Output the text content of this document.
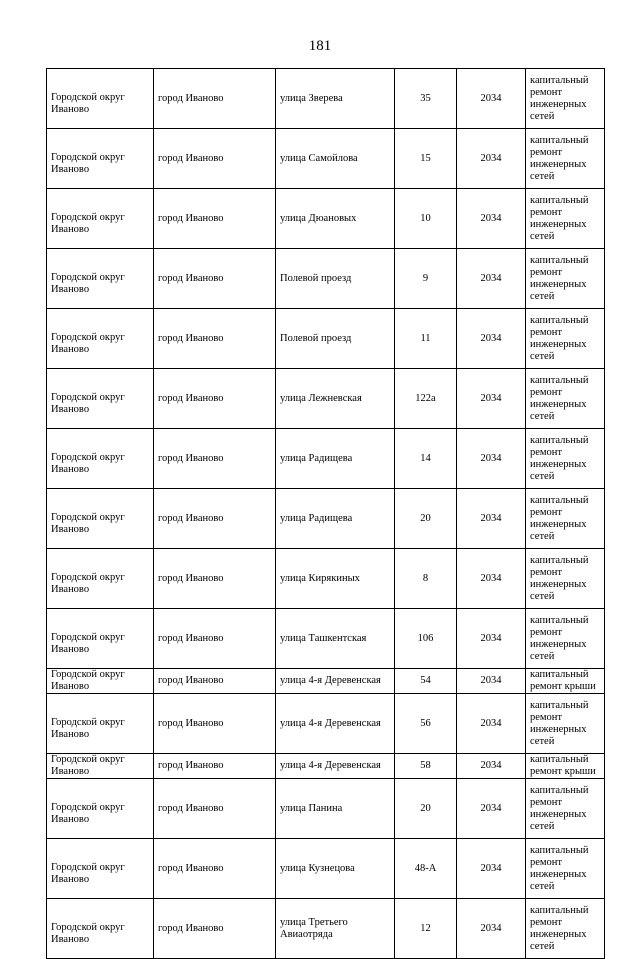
181
Городской округ Иваново	город Иваново	улица Зверева	35	2034	капитальный ремонт инженерных сетей
Городской округ Иваново	город Иваново	улица Самойлова	15	2034	капитальный ремонт инженерных сетей
Городской округ Иваново	город Иваново	улица Дюановых	10	2034	капитальный ремонт инженерных сетей
Городской округ Иваново	город Иваново	Полевой проезд	9	2034	капитальный ремонт инженерных сетей
Городской округ Иваново	город Иваново	Полевой проезд	11	2034	капитальный ремонт инженерных сетей
Городской округ Иваново	город Иваново	улица Лежневская	122а	2034	капитальный ремонт инженерных сетей
Городской округ Иваново	город Иваново	улица Радищева	14	2034	капитальный ремонт инженерных сетей
Городской округ Иваново	город Иваново	улица Радищева	20	2034	капитальный ремонт инженерных сетей
Городской округ Иваново	город Иваново	улица Кирякиных	8	2034	капитальный ремонт инженерных сетей
Городской округ Иваново	город Иваново	улица Ташкентская	106	2034	капитальный ремонт инженерных сетей
Городской округ Иваново	город Иваново	улица 4-я Деревенская	54	2034	капитальный ремонт крыши
Городской округ Иваново	город Иваново	улица 4-я Деревенская	56	2034	капитальный ремонт инженерных сетей
Городской округ Иваново	город Иваново	улица 4-я Деревенская	58	2034	капитальный ремонт крыши
Городской округ Иваново	город Иваново	улица Панина	20	2034	капитальный ремонт инженерных сетей
Городской округ Иваново	город Иваново	улица Кузнецова	48-А	2034	капитальный ремонт инженерных сетей
Городской округ Иваново	город Иваново	улица Третьего Авиаотряда	12	2034	капитальный ремонт инженерных сетей
